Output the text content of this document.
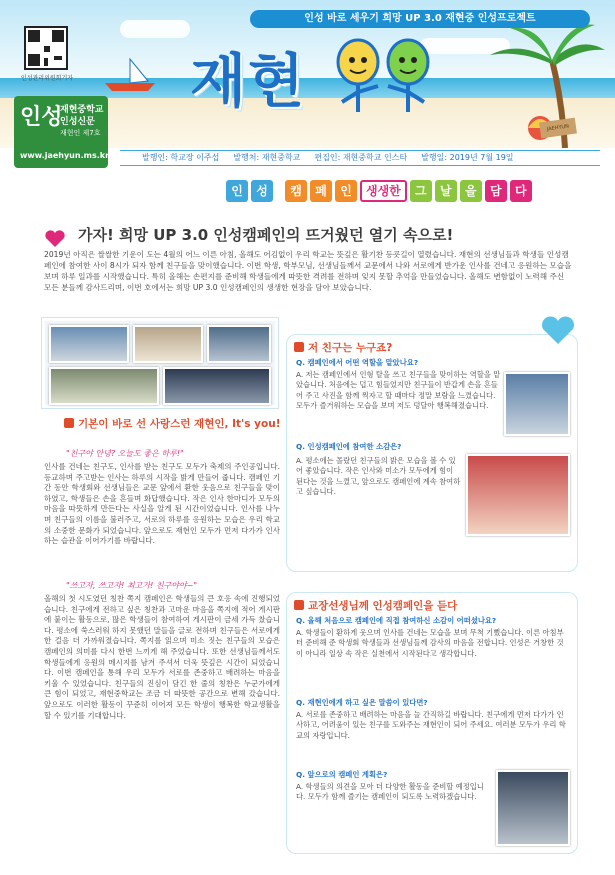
인성관리위원회기자
인성 바로 세우기 희망 UP 3.0 재현중 인성프로젝트
재현
JAEHYUN
인성
재현중학교
인성신문
재현인 제7호
www.jaehyun.ms.kr	발행인: 학교장 이주섭 발행처: 재현중학교 편집인: 재현중학교 인스타 발행일: 2019년 7월 19일
인	성	캠	페	인	생생한	그	날	을	담	다
가자! 희망 UP 3.0 인성캠페인의 뜨거웠던 열기 속으로!
2019년 아직은 쌀쌀한 기운이 도는 4월의 어느 이른 아침, 올해도 어김없이 우리 학교는 뜻깊은 활기찬 등굣길이 열렸습니다. 재현의 선생님들과 학생들 인성캠페인에 참여한 사이 8시가 되자 함께 친구들을 맞이했습니다. 이번 학생, 학부모님, 선생님들께서 교문에서 나와 서로에게 반가운 인사를 건네고 응원하는 모습을 보며 하루 일과를 시작했습니다. 특히 올해는 손편지를 준비해 학생들에게 따뜻한 격려를 전하며 잊지 못할 추억을 만들었습니다. 올해도 변함없이 노력해 주신 모든 분들께 감사드리며, 이번 호에서는 희망 UP 3.0 인성캠페인의 생생한 현장을 담아 보았습니다.
기본이 바로 선 사랑스런 재현인, It's you!
"친구야 안녕? 오늘도 좋은 하루!"
인사를 건네는 친구도, 인사를 받는 친구도 모두가 축제의 주인공입니다. 등교하며 주고받는 인사는 하루의 시작을 밝게 만들어 줍니다. 캠페인 기간 동안 학생회와 선생님들은 교문 앞에서 환한 웃음으로 친구들을 맞이하였고, 학생들은 손을 흔들며 화답했습니다. 작은 인사 한마디가 모두의 마음을 따뜻하게 만든다는 사실을 알게 된 시간이었습니다. 인사를 나누며 친구들의 이름을 불러주고, 서로의 하루를 응원하는 모습은 우리 학교의 소중한 문화가 되었습니다. 앞으로도 재현인 모두가 먼저 다가가 인사하는 습관을 이어가기를 바랍니다.
"쓰고자, 쓰고자! 최고가! 친구야야~"
올해의 첫 시도였던 칭찬 쪽지 캠페인은 학생들의 큰 호응 속에 진행되었습니다. 친구에게 전하고 싶은 칭찬과 고마운 마음을 쪽지에 적어 게시판에 붙이는 활동으로, 많은 학생들이 참여하여 게시판이 금세 가득 찼습니다. 평소에 쑥스러워 하지 못했던 말들을 글로 전하며 친구들은 서로에게 한 걸음 더 가까워졌습니다. 쪽지를 읽으며 미소 짓는 친구들의 모습은 캠페인의 의미를 다시 한번 느끼게 해 주었습니다. 또한 선생님들께서도 학생들에게 응원의 메시지를 남겨 주셔서 더욱 뜻깊은 시간이 되었습니다. 이번 캠페인을 통해 우리 모두가 서로를 존중하고 배려하는 마음을 키울 수 있었습니다. 친구들의 진심이 담긴 한 줄의 칭찬은 누군가에게 큰 힘이 되었고, 재현중학교는 조금 더 따뜻한 공간으로 변해 갔습니다. 앞으로도 이러한 활동이 꾸준히 이어져 모든 학생이 행복한 학교생활을 할 수 있기를 기대합니다.
저 친구는 누구죠?
Q. 캠페인에서 어떤 역할을 맡았나요?
A. 저는 캠페인에서 인형 탈을 쓰고 친구들을 맞이하는 역할을 맡았습니다. 처음에는 덥고 힘들었지만 친구들이 반갑게 손을 흔들어 주고 사진을 함께 찍자고 할 때마다 정말 보람을 느꼈습니다. 모두가 즐거워하는 모습을 보며 저도 덩달아 행복해졌습니다.
Q. 인성캠페인에 참여한 소감은?
A. 평소에는 몰랐던 친구들의 밝은 모습을 볼 수 있어 좋았습니다. 작은 인사와 미소가 모두에게 힘이 된다는 것을 느꼈고, 앞으로도 캠페인에 계속 참여하고 싶습니다.
교장선생님께 인성캠페인을 듣다
Q. 올해 처음으로 캠페인에 직접 참여하신 소감이 어떠셨나요?
A. 학생들이 환하게 웃으며 인사를 건네는 모습을 보며 무척 기뻤습니다. 이른 아침부터 준비해 준 학생회 학생들과 선생님들께 감사의 마음을 전합니다. 인성은 거창한 것이 아니라 일상 속 작은 실천에서 시작된다고 생각합니다.
Q. 재현인에게 하고 싶은 말씀이 있다면?
A. 서로를 존중하고 배려하는 마음을 늘 간직하길 바랍니다. 친구에게 먼저 다가가 인사하고, 어려움이 있는 친구를 도와주는 재현인이 되어 주세요. 여러분 모두가 우리 학교의 자랑입니다.
Q. 앞으로의 캠페인 계획은?
A. 학생들의 의견을 모아 더 다양한 활동을 준비할 예정입니다. 모두가 함께 즐기는 캠페인이 되도록 노력하겠습니다.
